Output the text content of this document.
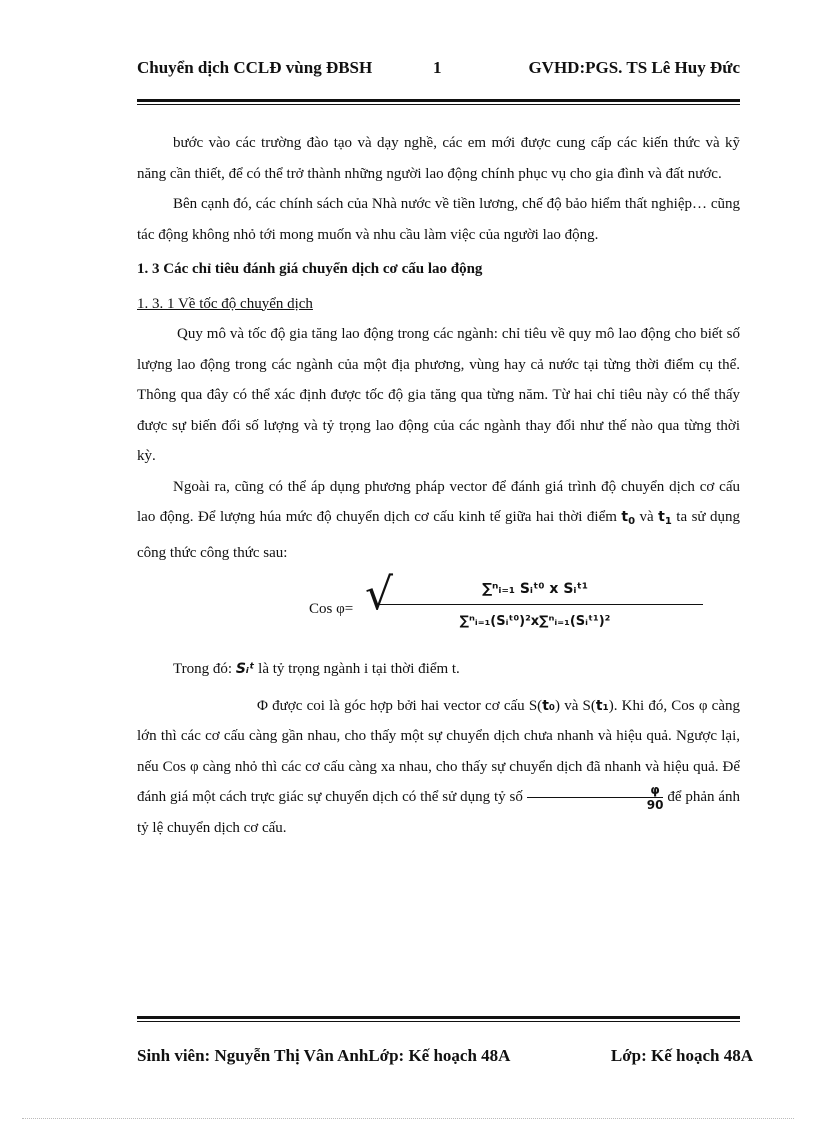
Chuyển dịch CCLĐ vùng ĐBSH	1	GVHD:PGS. TS Lê Huy Đức

bước vào các trường đào tạo và dạy nghề, các em mới được cung cấp các kiến thức và kỹ năng cần thiết, để có thể trở thành những người lao động chính phục vụ cho gia đình và đất nước.

Bên cạnh đó, các chính sách của Nhà nước về tiền lương, chế độ bảo hiểm thất nghiệp… cũng tác động không nhỏ tới mong muốn và nhu cầu làm việc của người lao động.

1. 3 Các chỉ tiêu đánh giá chuyển dịch cơ cấu lao động

1. 3. 1 Về tốc độ chuyển dịch

Quy mô và tốc độ gia tăng lao động trong các ngành: chỉ tiêu về quy mô lao động cho biết số lượng lao động trong các ngành của một địa phương, vùng hay cả nước tại từng thời điểm cụ thể. Thông qua đây có thể xác định được tốc độ gia tăng qua từng năm. Từ hai chỉ tiêu này có thể thấy được sự biến đổi số lượng và tỷ trọng lao động của các ngành thay đổi như thế nào qua từng thời kỳ.

Ngoài ra, cũng có thể áp dụng phương pháp vector để đánh giá trình độ chuyển dịch cơ cấu lao động. Để lượng húa mức độ chuyển dịch cơ cấu kinh tế giữa hai thời điểm $t_0$ và $t_1$ ta sử dụng công thức công thức sau:

Cos φ=
∑ⁿᵢ₌₁ Sᵢᵗ⁰ x Sᵢᵗ¹
√
∑ⁿᵢ₌₁(Sᵢᵗ⁰)²x∑ⁿᵢ₌₁(Sᵢᵗ¹)²

Trong đó: Sᵢᵗ là tỷ trọng ngành i tại thời điểm t.

Φ được coi là góc hợp bởi hai vector cơ cấu S(t₀) và S(t₁). Khi đó, Cos φ càng lớn thì các cơ cấu càng gần nhau, cho thấy một sự chuyển dịch chưa nhanh và hiệu quả. Ngược lại, nếu Cos φ càng nhỏ thì các cơ cấu càng xa nhau, cho thấy sự chuyển dịch đã nhanh và hiệu quả. Để đánh giá một cách trực giác sự chuyển dịch có thể sử dụng tỷ số $\frac{\varphi}{90}$ để phản ánh tỷ lệ chuyển dịch cơ cấu.

Sinh viên: Nguyễn Thị Vân AnhLớp: Kế hoạch 48A	Lớp: Kế hoạch 48A
